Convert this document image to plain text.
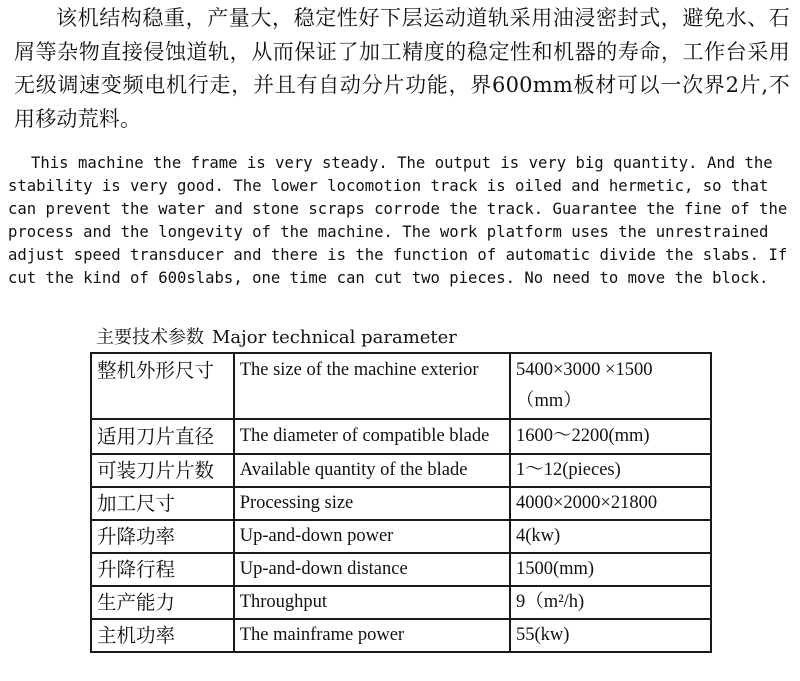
该机结构稳重，产量大，稳定性好下层运动道轨采用油浸密封式，避免水、石屑等杂物直接侵蚀道轨，从而保证了加工精度的稳定性和机器的寿命，工作台采用无级调速变频电机行走，并且有自动分片功能，界600mm板材可以一次界2片,不用移动荒料。

This machine the frame is very steady. The output is very big quantity. And the stability is very good. The lower locomotion track is oiled and hermetic, so that can prevent the water and stone scraps corrode the track. Guarantee the fine of the process and the longevity of the machine. The work platform uses the unrestrained adjust speed transducer and there is the function of automatic divide the slabs. If cut the kind of 600slabs, one time can cut two pieces. No need to move the block.

主要技术参数 Major technical parameter
整机外形尺寸	The size of the machine exterior	5400×3000 ×1500（mm）
适用刀片直径	The diameter of compatible blade	1600～2200(mm)
可装刀片片数	Available quantity of the blade	1～12(pieces)
加工尺寸	Processing size	4000×2000×21800
升降功率	Up-and-down power	4(kw)
升降行程	Up-and-down distance	1500(mm)
生产能力	Throughput	9（m²/h)
主机功率	The mainframe power	55(kw)
